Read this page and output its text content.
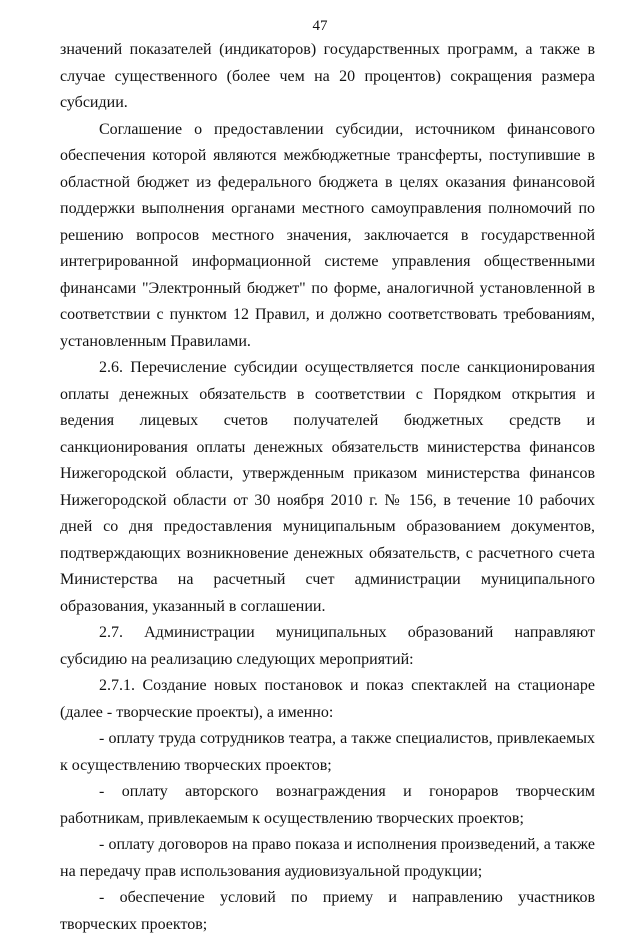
47

значений показателей (индикаторов) государственных программ, а также в случае существенного (более чем на 20 процентов) сокращения размера субсидии.

Соглашение о предоставлении субсидии, источником финансового обеспечения которой являются межбюджетные трансферты, поступившие в областной бюджет из федерального бюджета в целях оказания финансовой поддержки выполнения органами местного самоуправления полномочий по решению вопросов местного значения, заключается в государственной интегрированной информационной системе управления общественными финансами "Электронный бюджет" по форме, аналогичной установленной в соответствии с пунктом 12 Правил, и должно соответствовать требованиям, установленным Правилами.

2.6. Перечисление субсидии осуществляется после санкционирования оплаты денежных обязательств в соответствии с Порядком открытия и ведения лицевых счетов получателей бюджетных средств и санкционирования оплаты денежных обязательств министерства финансов Нижегородской области, утвержденным приказом министерства финансов Нижегородской области от 30 ноября 2010 г. № 156, в течение 10 рабочих дней со дня предоставления муниципальным образованием документов, подтверждающих возникновение денежных обязательств, с расчетного счета Министерства на расчетный счет администрации муниципального образования, указанный в соглашении.

2.7. Администрации муниципальных образований направляют субсидию на реализацию следующих мероприятий:

2.7.1. Создание новых постановок и показ спектаклей на стационаре (далее - творческие проекты), а именно:

- оплату труда сотрудников театра, а также специалистов, привлекаемых к осуществлению творческих проектов;

- оплату авторского вознаграждения и гонораров творческим работникам, привлекаемым к осуществлению творческих проектов;

- оплату договоров на право показа и исполнения произведений, а также на передачу прав использования аудиовизуальной продукции;

- обеспечение условий по приему и направлению участников творческих проектов;
